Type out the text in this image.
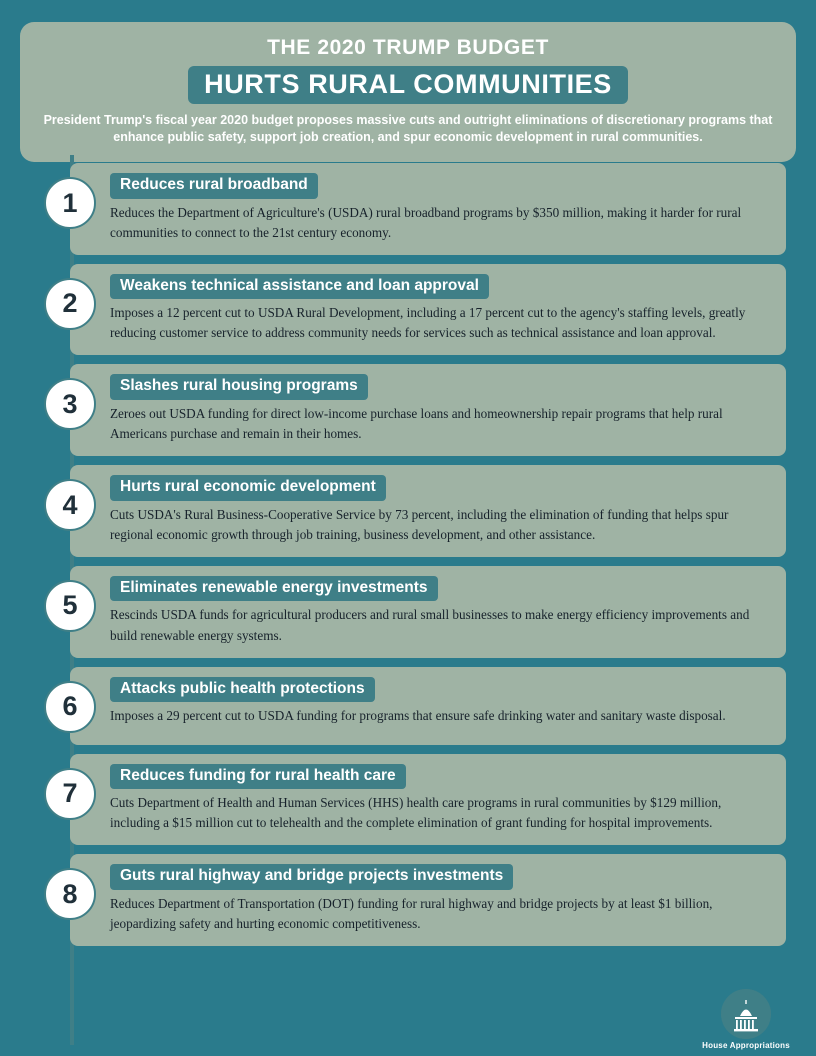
THE 2020 TRUMP BUDGET
HURTS RURAL COMMUNITIES
President Trump's fiscal year 2020 budget proposes massive cuts and outright eliminations of discretionary programs that enhance public safety, support job creation, and spur economic development in rural communities.
1
Reduces rural broadband
Reduces the Department of Agriculture's (USDA) rural broadband programs by $350 million, making it harder for rural communities to connect to the 21st century economy.
2
Weakens technical assistance and loan approval
Imposes a 12 percent cut to USDA Rural Development, including a 17 percent cut to the agency's staffing levels, greatly reducing customer service to address community needs for services such as technical assistance and loan approval.
3
Slashes rural housing programs
Zeroes out USDA funding for direct low-income purchase loans and homeownership repair programs that help rural Americans purchase and remain in their homes.
4
Hurts rural economic development
Cuts USDA's Rural Business-Cooperative Service by 73 percent, including the elimination of funding that helps spur regional economic growth through job training, business development, and other assistance.
5
Eliminates renewable energy investments
Rescinds USDA funds for agricultural producers and rural small businesses to make energy efficiency improvements and build renewable energy systems.
6
Attacks public health protections
Imposes a 29 percent cut to USDA funding for programs that ensure safe drinking water and sanitary waste disposal.
7
Reduces funding for rural health care
Cuts Department of Health and Human Services (HHS) health care programs in rural communities by $129 million, including a $15 million cut to telehealth and the complete elimination of grant funding for hospital improvements.
8
Guts rural highway and bridge projects investments
Reduces Department of Transportation (DOT) funding for rural highway and bridge projects by at least $1 billion, jeopardizing safety and hurting economic competitiveness.
House Appropriations
